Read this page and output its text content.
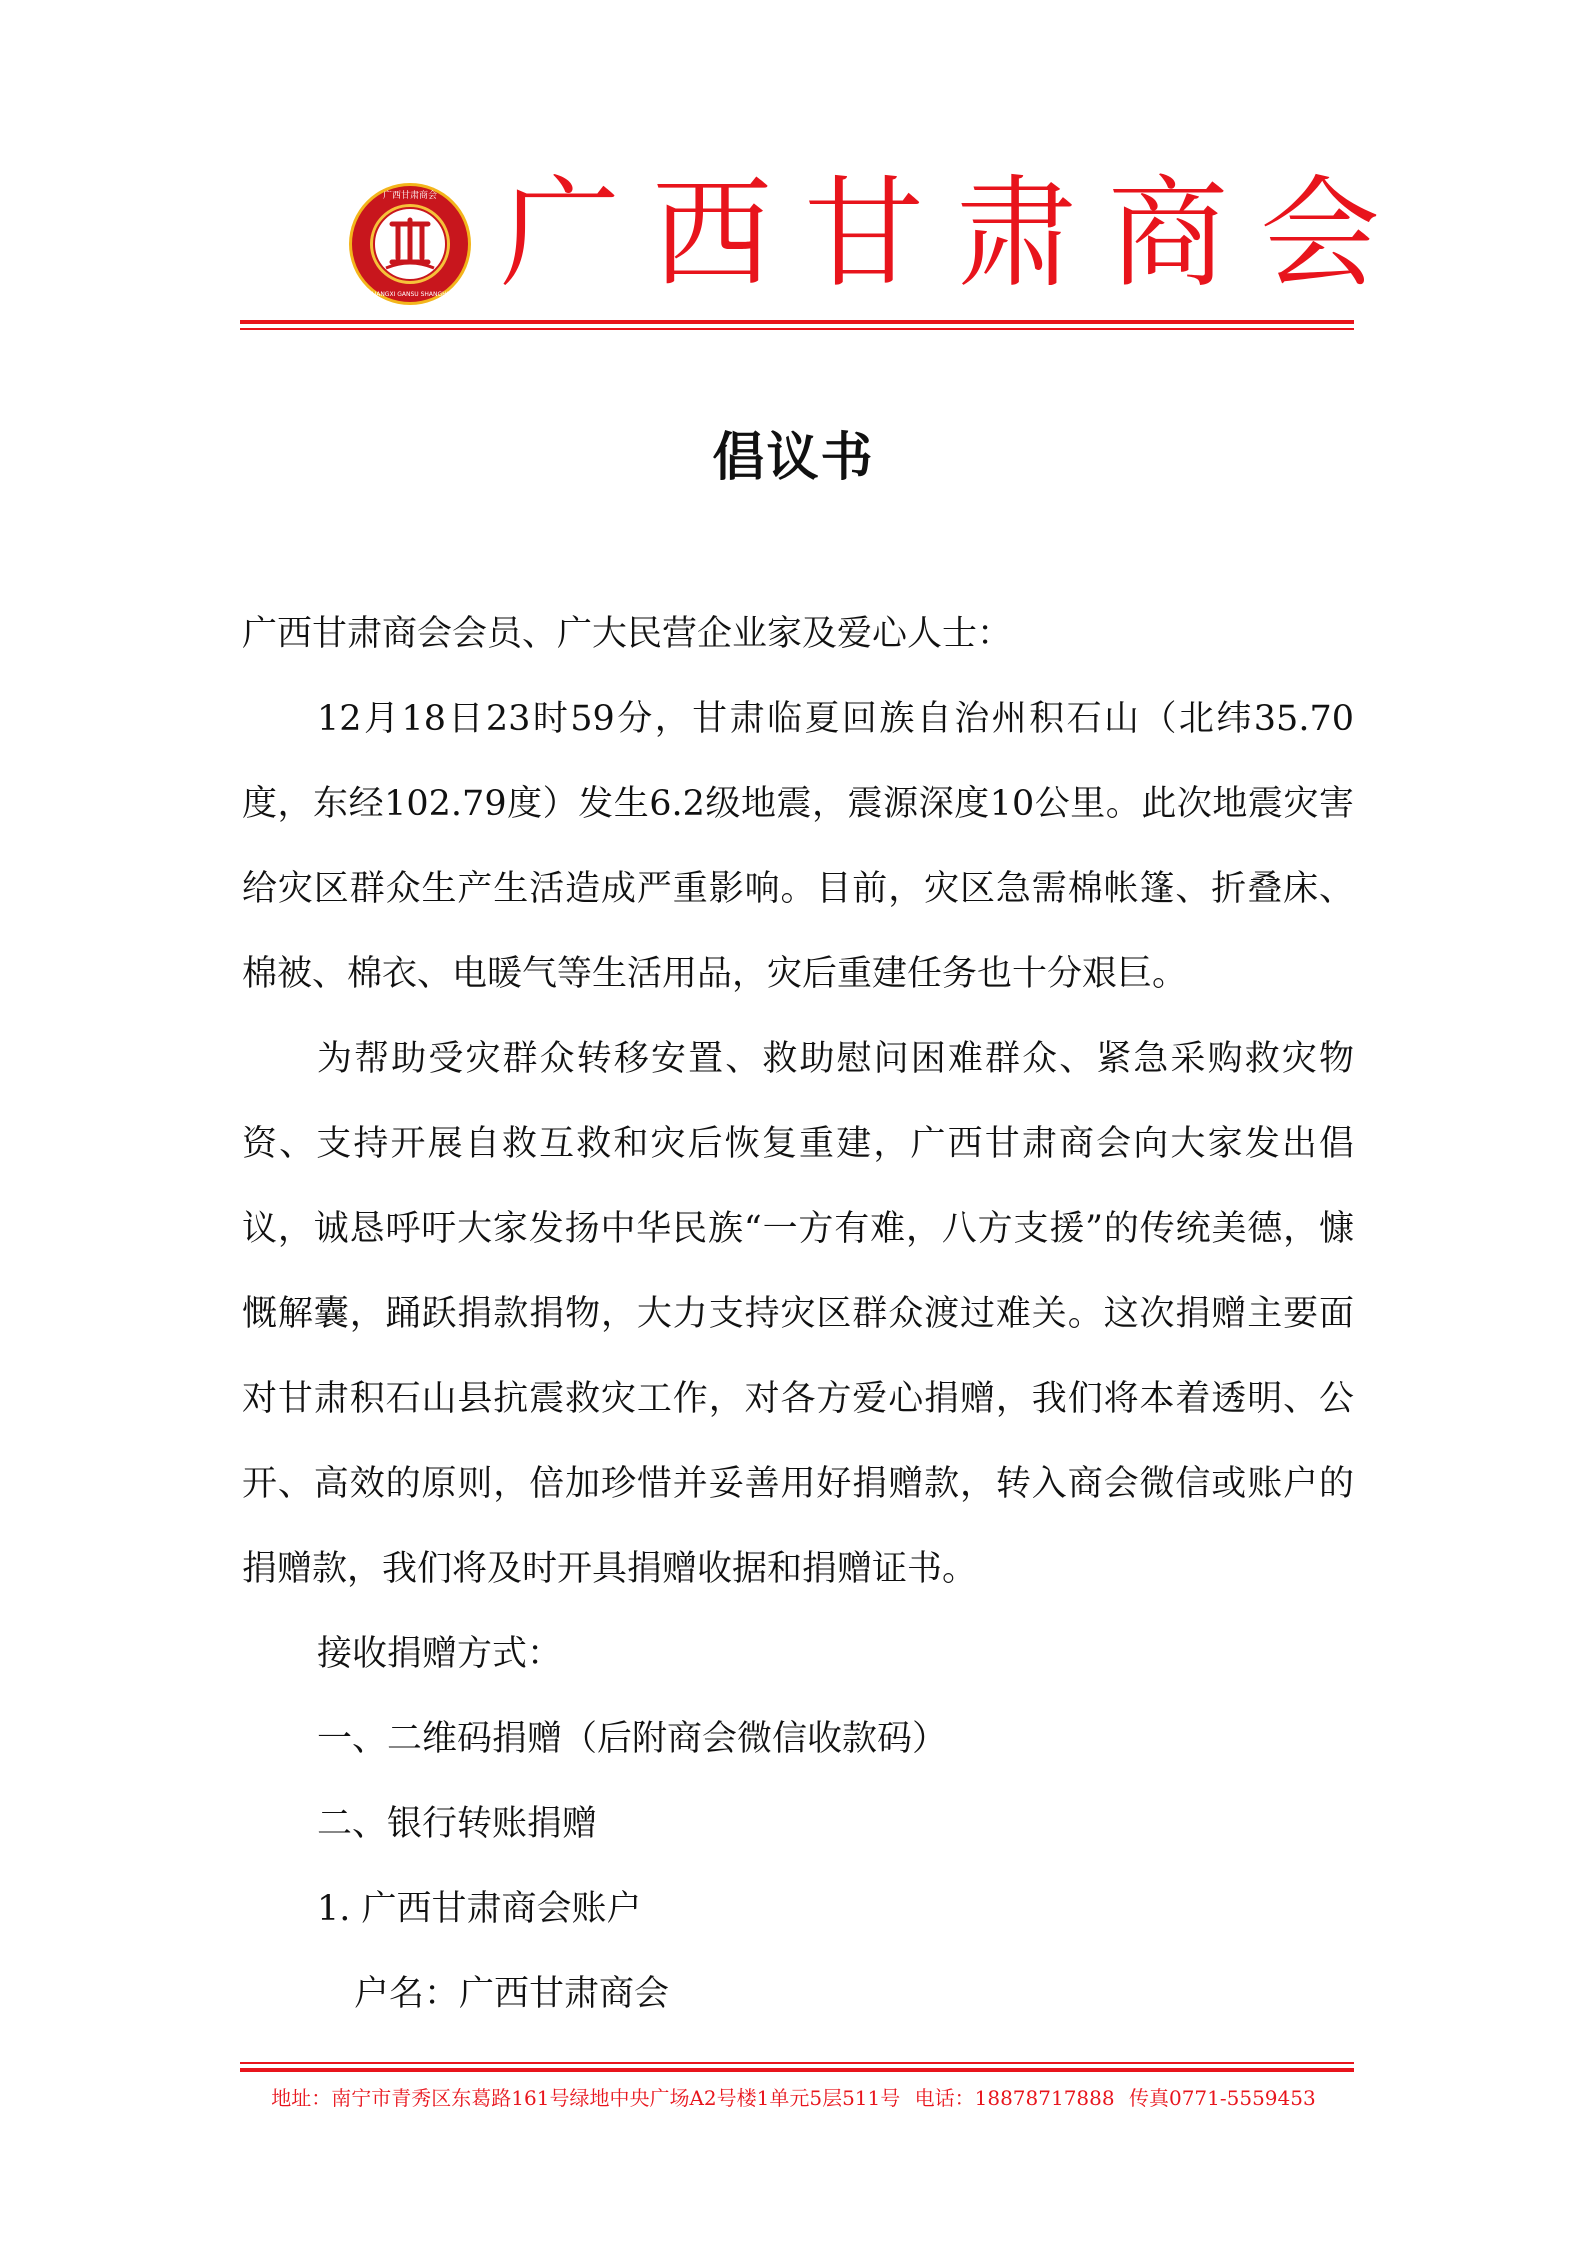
广西甘肃商会
GUANGXI GANSU SHANGHUI 广西甘肃商会
倡议书

广西甘肃商会会员、广大民营企业家及爱心人士：

12月18日23时59分，甘肃临夏回族自治州积石山（北纬35.70度，东经102.79度）发生6.2级地震，震源深度10公里。此次地震灾害给灾区群众生产生活造成严重影响。目前，灾区急需棉帐篷、折叠床、棉被、棉衣、电暖气等生活用品，灾后重建任务也十分艰巨。

为帮助受灾群众转移安置、救助慰问困难群众、紧急采购救灾物资、支持开展自救互救和灾后恢复重建，广西甘肃商会向大家发出倡议，诚恳呼吁大家发扬中华民族“一方有难，八方支援”的传统美德，慷慨解囊，踊跃捐款捐物，大力支持灾区群众渡过难关。这次捐赠主要面对甘肃积石山县抗震救灾工作，对各方爱心捐赠，我们将本着透明、公开、高效的原则，倍加珍惜并妥善用好捐赠款，转入商会微信或账户的捐赠款，我们将及时开具捐赠收据和捐赠证书。

接收捐赠方式：

一、二维码捐赠（后附商会微信收款码）

二、银行转账捐赠

1. 广西甘肃商会账户

户名：广西甘肃商会

地址：南宁市青秀区东葛路161号绿地中央广场A2号楼1单元5层511号 电话：18878717888 传真0771-5559453
